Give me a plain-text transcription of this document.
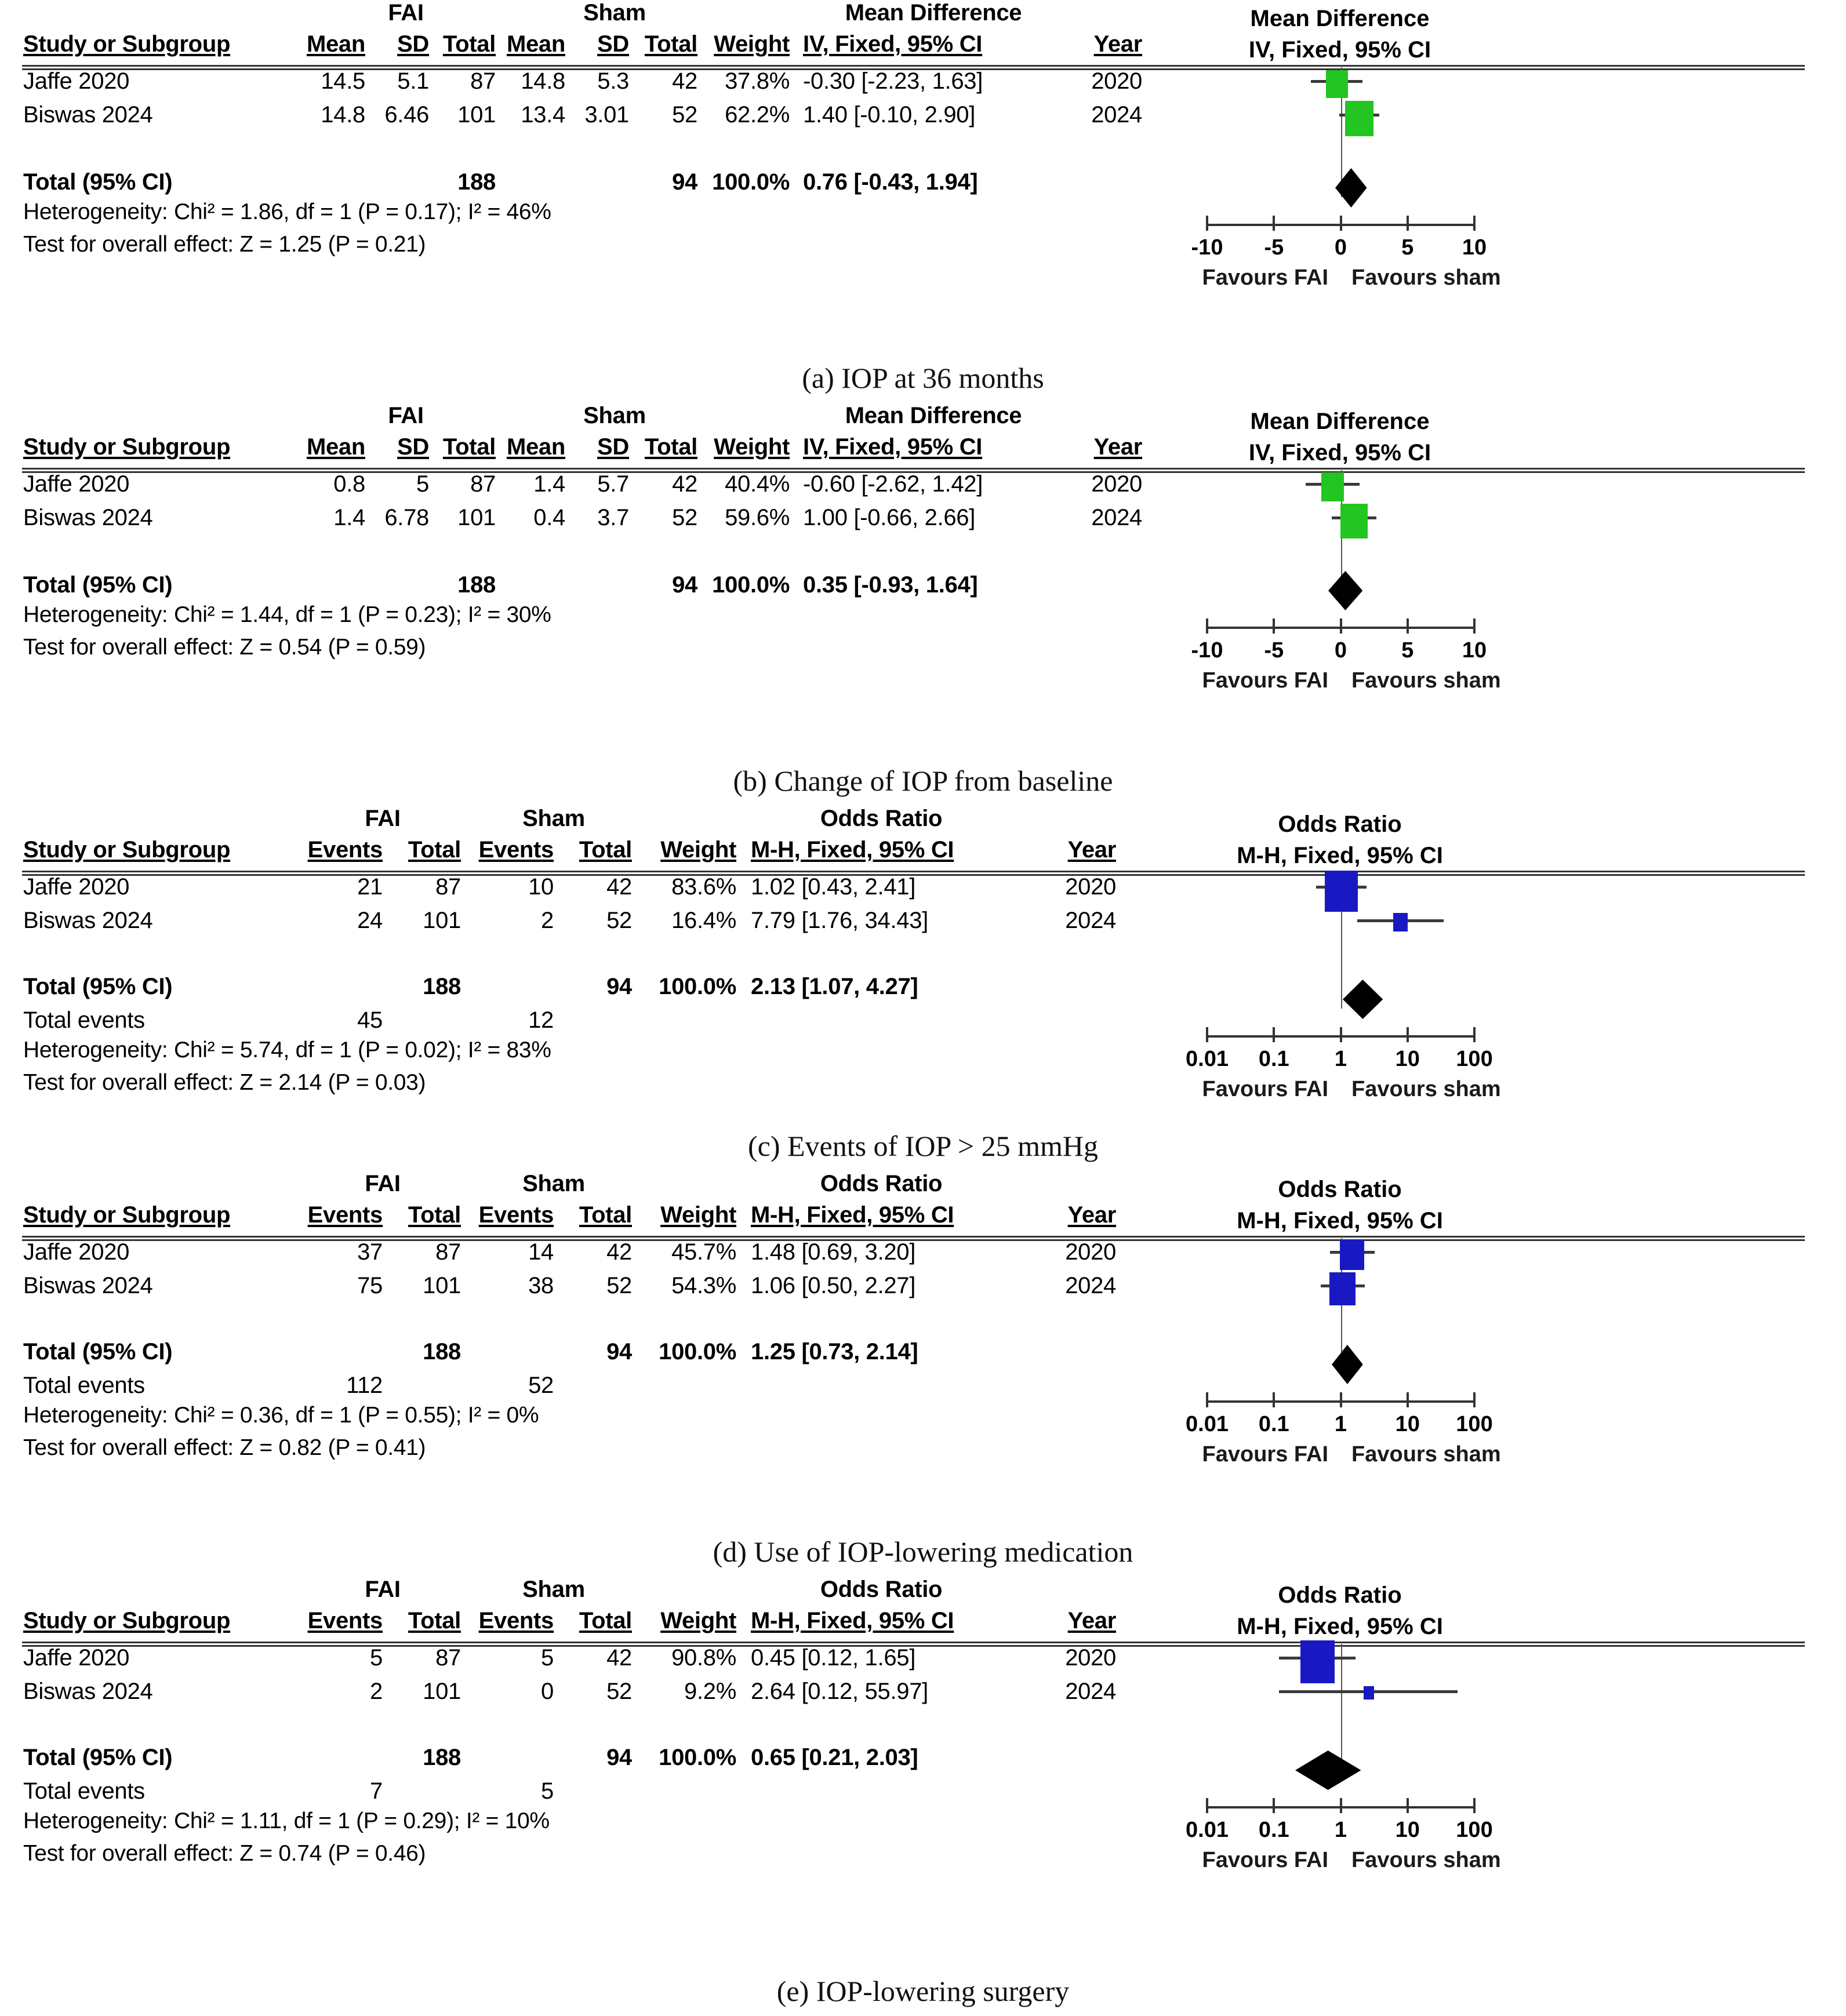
FAI	Sham	Mean Difference
Study or Subgroup	Mean	SD Total Mean	SD Total Weight IV, Fixed, 95% CI	Year
Jaffe 2020	14.5	5.1	87	14.8	5.3	42	37.8% -0.30 [-2.23, 1.63]	2020
Biswas 2024	14.8 6.46	101	13.4 3.01	52	62.2% 1.40 [-0.10, 2.90]	2024
Total (95% CI)	188	94 100.0% 0.76 [-0.43, 1.94]
Heterogeneity: Chi² = 1.86, df = 1 (P = 0.17); I² = 46%
Test for overall effect: Z = 1.25 (P = 0.21)
Mean Difference
IV, Fixed, 95% CI
-10	-5	0	5	10
Favours FAI Favours sham
(a) IOP at 36 months
FAI	Sham	Mean Difference
Study or Subgroup	Mean	SD Total Mean	SD Total Weight IV, Fixed, 95% CI	Year
Jaffe 2020	0.8	5	87	1.4	5.7	42	40.4% -0.60 [-2.62, 1.42]	2020
Biswas 2024	1.4 6.78	101	0.4	3.7	52	59.6% 1.00 [-0.66, 2.66]	2024
Total (95% CI)	188	94 100.0% 0.35 [-0.93, 1.64]
Heterogeneity: Chi² = 1.44, df = 1 (P = 0.23); I² = 30%
Test for overall effect: Z = 0.54 (P = 0.59)
Mean Difference
IV, Fixed, 95% CI
-10	-5	0	5	10
Favours FAI Favours sham
(b) Change of IOP from baseline
FAI	Sham	Odds Ratio
Study or Subgroup	Events	Total Events	Total	Weight M-H, Fixed, 95% CI	Year
Jaffe 2020	21	87	10	42	83.6% 1.02 [0.43, 2.41]	2020
Biswas 2024	24	101	2	52	16.4% 7.79 [1.76, 34.43]	2024
Total (95% CI)	188	94	100.0% 2.13 [1.07, 4.27]
Total events	45	12
Heterogeneity: Chi² = 5.74, df = 1 (P = 0.02); I² = 83%
Test for overall effect: Z = 2.14 (P = 0.03)
Odds Ratio
M-H, Fixed, 95% CI
0.01	0.1	1	10	100
Favours FAI Favours sham
(c) Events of IOP > 25 mmHg
FAI	Sham	Odds Ratio
Study or Subgroup	Events	Total Events	Total	Weight M-H, Fixed, 95% CI	Year
Jaffe 2020	37	87	14	42	45.7% 1.48 [0.69, 3.20]	2020
Biswas 2024	75	101	38	52	54.3% 1.06 [0.50, 2.27]	2024
Total (95% CI)	188	94	100.0% 1.25 [0.73, 2.14]
Total events	112	52
Heterogeneity: Chi² = 0.36, df = 1 (P = 0.55); I² = 0%
Test for overall effect: Z = 0.82 (P = 0.41)
Odds Ratio
M-H, Fixed, 95% CI
0.01	0.1	1	10	100
Favours FAI Favours sham
(d) Use of IOP-lowering medication
FAI	Sham	Odds Ratio
Study or Subgroup	Events	Total Events	Total	Weight M-H, Fixed, 95% CI	Year
Jaffe 2020	5	87	5	42	90.8% 0.45 [0.12, 1.65]	2020
Biswas 2024	2	101	0	52	9.2% 2.64 [0.12, 55.97]	2024
Total (95% CI)	188	94	100.0% 0.65 [0.21, 2.03]
Total events	7	5
Heterogeneity: Chi² = 1.11, df = 1 (P = 0.29); I² = 10%
Test for overall effect: Z = 0.74 (P = 0.46)
Odds Ratio
M-H, Fixed, 95% CI
0.01	0.1	1	10	100
Favours FAI Favours sham
(e) IOP-lowering surgery
